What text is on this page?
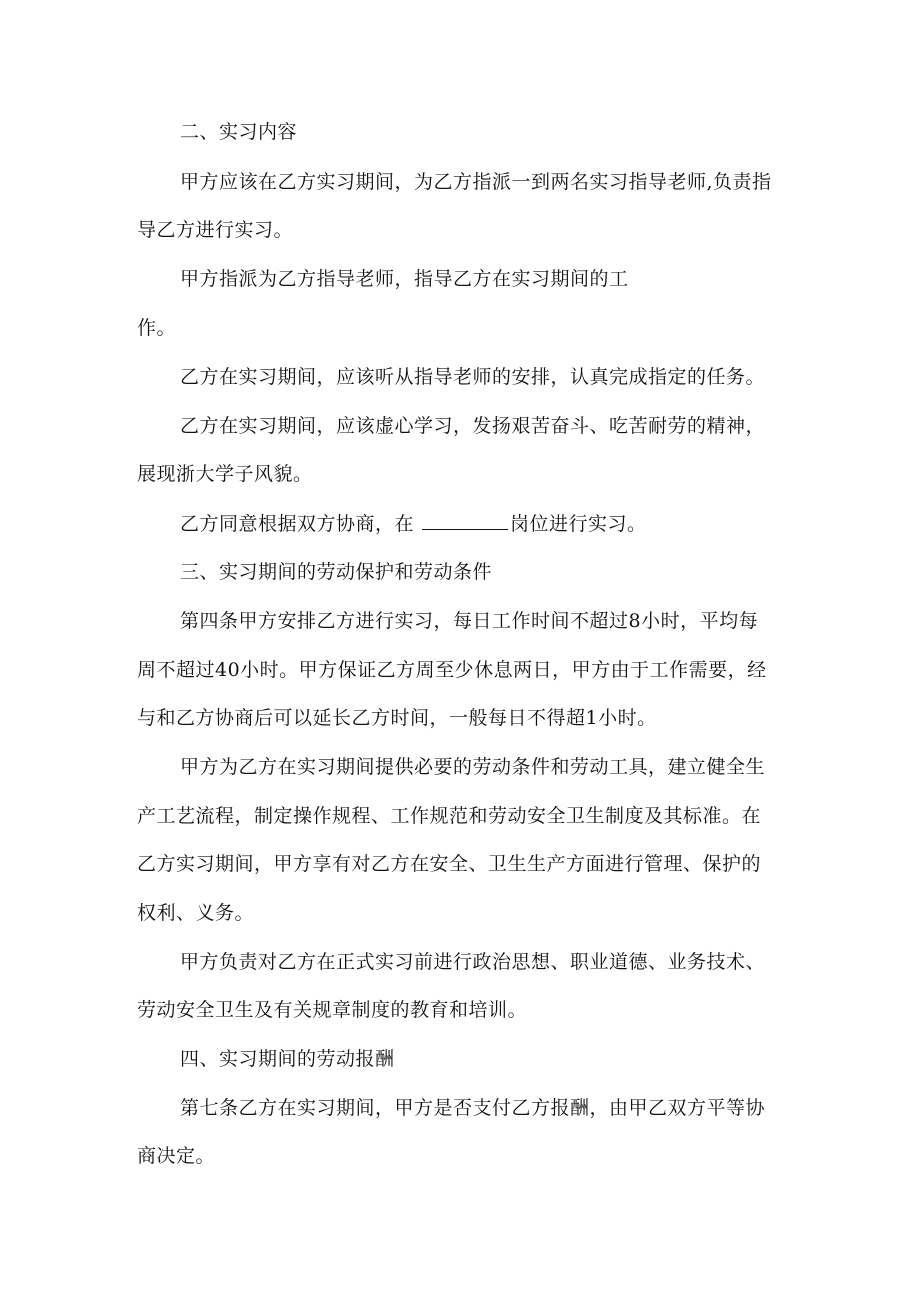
二、实习内容
甲方应该在乙方实习期间，为乙方指派一到两名实习指导老师,负责指
导乙方进行实习。
甲方指派为乙方指导老师，指导乙方在实习期间的工
作。
乙方在实习期间，应该听从指导老师的安排，认真完成指定的任务。
乙方在实习期间，应该虚心学习，发扬艰苦奋斗、吃苦耐劳的精神，
展现浙大学子风貌。
乙方同意根据双方协商，在	岗位进行实习。
三、实习期间的劳动保护和劳动条件
第四条甲方安排乙方进行实习，每日工作时间不超过8小时，平均每
周不超过40小时。甲方保证乙方周至少休息两日，甲方由于工作需要，经
与和乙方协商后可以延长乙方时间，一般每日不得超1小时。
甲方为乙方在实习期间提供必要的劳动条件和劳动工具，建立健全生
产工艺流程，制定操作规程、工作规范和劳动安全卫生制度及其标准。在
乙方实习期间，甲方享有对乙方在安全、卫生生产方面进行管理、保护的
权利、义务。
甲方负责对乙方在正式实习前进行政治思想、职业道德、业务技术、
劳动安全卫生及有关规章制度的教育和培训。
四、实习期间的劳动报酬
第七条乙方在实习期间，甲方是否支付乙方报酬，由甲乙双方平等协
商决定。
